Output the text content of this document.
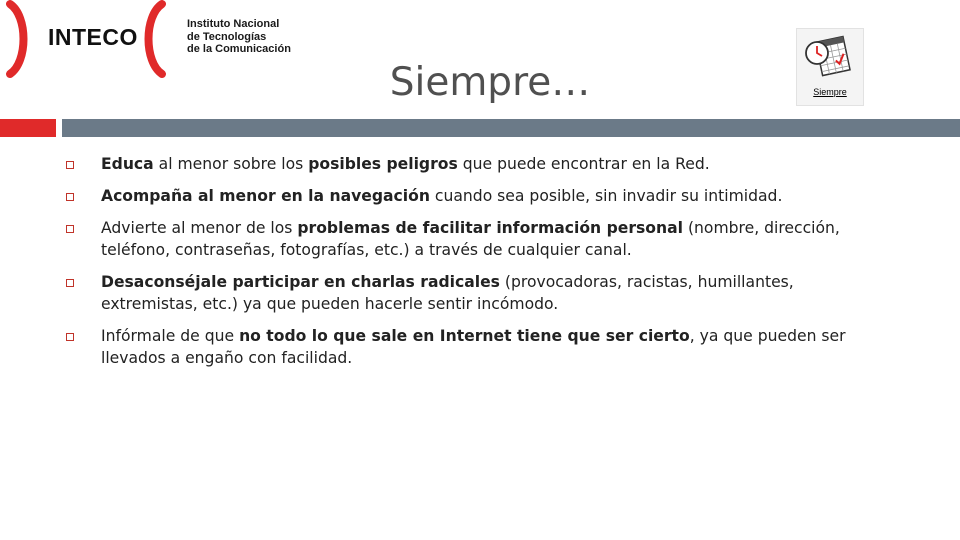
INTECO	Instituto Nacional
de Tecnologías
de la Comunicación
Siempre…	Siempre
Educa al menor sobre los posibles peligros que puede encontrar en la Red.
Acompaña al menor en la navegación cuando sea posible, sin invadir su intimidad.
Advierte al menor de los problemas de facilitar información personal (nombre, dirección, teléfono, contraseñas, fotografías, etc.) a través de cualquier canal.
Desaconséjale participar en charlas radicales (provocadoras, racistas, humillantes, extremistas, etc.) ya que pueden hacerle sentir incómodo.
Infórmale de que no todo lo que sale en Internet tiene que ser cierto, ya que pueden ser llevados a engaño con facilidad.
